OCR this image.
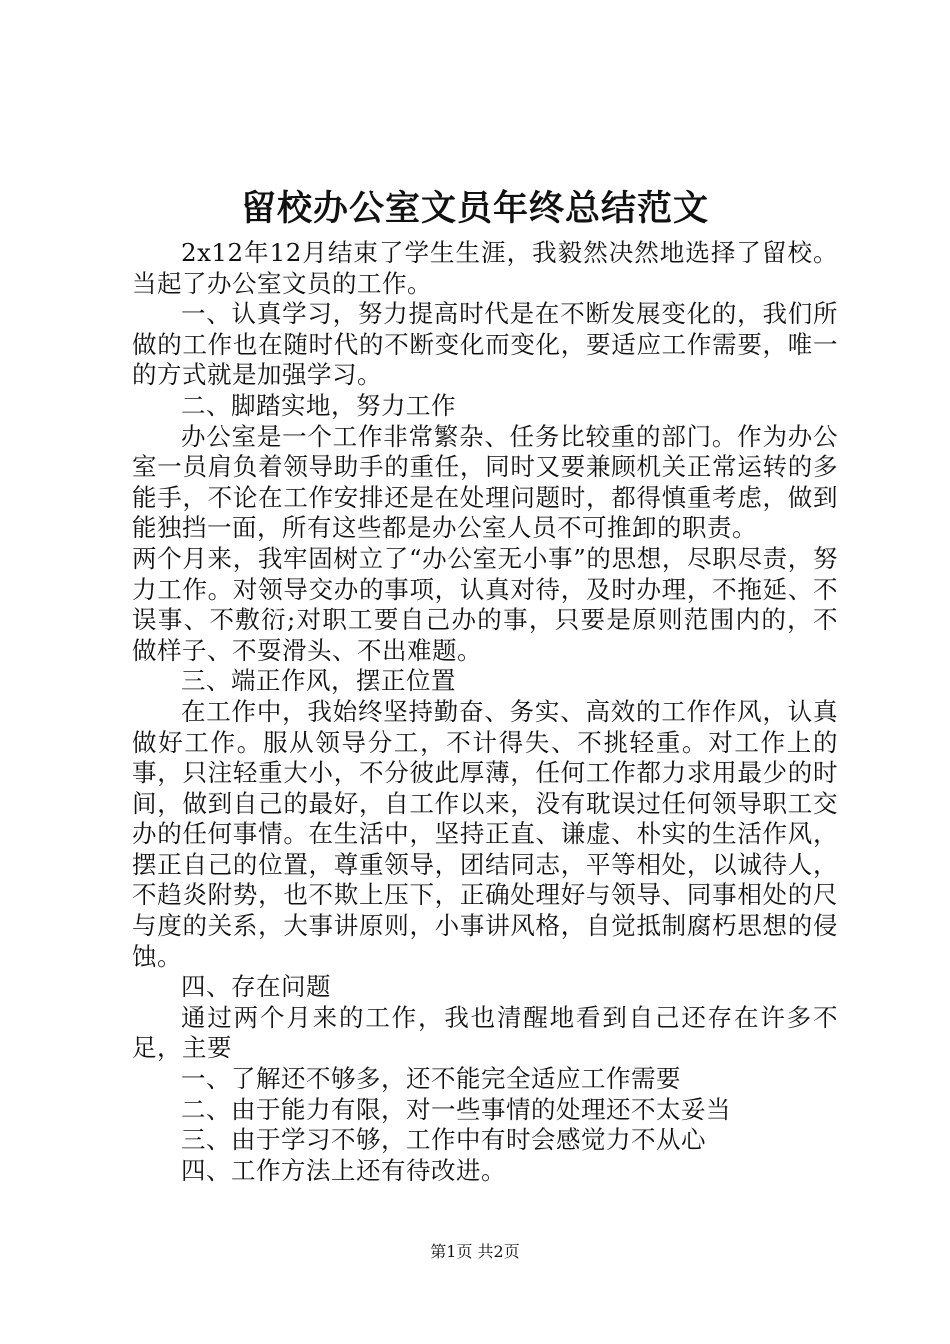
留校办公室文员年终总结范文

2x12年12月结束了学生生涯，我毅然决然地选择了留校。当起了办公室文员的工作。

一、认真学习，努力提高时代是在不断发展变化的，我们所做的工作也在随时代的不断变化而变化，要适应工作需要，唯一的方式就是加强学习。

二、脚踏实地，努力工作

办公室是一个工作非常繁杂、任务比较重的部门。作为办公室一员肩负着领导助手的重任，同时又要兼顾机关正常运转的多能手，不论在工作安排还是在处理问题时，都得慎重考虑，做到能独挡一面，所有这些都是办公室人员不可推卸的职责。

两个月来，我牢固树立了“办公室无小事”的思想，尽职尽责，努力工作。对领导交办的事项，认真对待，及时办理，不拖延、不误事、不敷衍;对职工要自己办的事，只要是原则范围内的，不做样子、不耍滑头、不出难题。

三、端正作风，摆正位置

在工作中，我始终坚持勤奋、务实、高效的工作作风，认真做好工作。服从领导分工，不计得失、不挑轻重。对工作上的事，只注轻重大小，不分彼此厚薄，任何工作都力求用最少的时间，做到自己的最好，自工作以来，没有耽误过任何领导职工交办的任何事情。在生活中，坚持正直、谦虚、朴实的生活作风，摆正自己的位置，尊重领导，团结同志，平等相处，以诚待人，不趋炎附势，也不欺上压下，正确处理好与领导、同事相处的尺与度的关系，大事讲原则，小事讲风格，自觉抵制腐朽思想的侵蚀。

四、存在问题

通过两个月来的工作，我也清醒地看到自己还存在许多不足，主要

一、了解还不够多，还不能完全适应工作需要

二、由于能力有限，对一些事情的处理还不太妥当

三、由于学习不够，工作中有时会感觉力不从心

四、工作方法上还有待改进。

第1页 共2页
